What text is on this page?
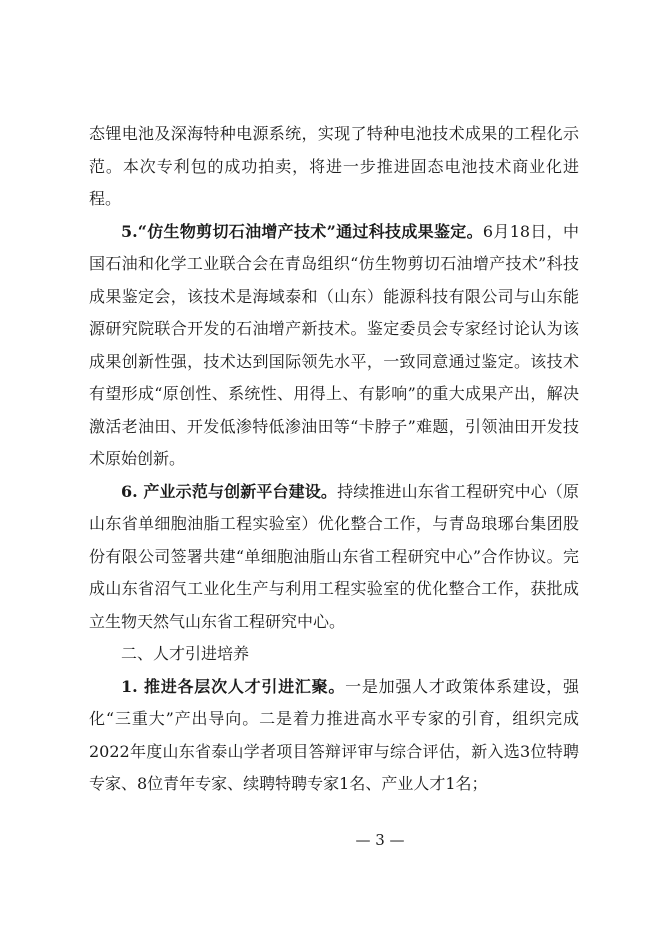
态锂电池及深海特种电源系统，实现了特种电池技术成果的工程化示范。本次专利包的成功拍卖，将进一步推进固态电池技术商业化进程。

5.“仿生物剪切石油增产技术”通过科技成果鉴定。6月18日，中国石油和化学工业联合会在青岛组织“仿生物剪切石油增产技术”科技成果鉴定会，该技术是海域泰和（山东）能源科技有限公司与山东能源研究院联合开发的石油增产新技术。鉴定委员会专家经讨论认为该成果创新性强，技术达到国际领先水平，一致同意通过鉴定。该技术有望形成“原创性、系统性、用得上、有影响”的重大成果产出，解决激活老油田、开发低渗特低渗油田等“卡脖子”难题，引领油田开发技术原始创新。

6. 产业示范与创新平台建设。持续推进山东省工程研究中心（原山东省单细胞油脂工程实验室）优化整合工作，与青岛琅琊台集团股份有限公司签署共建“单细胞油脂山东省工程研究中心”合作协议。完成山东省沼气工业化生产与利用工程实验室的优化整合工作，获批成立生物天然气山东省工程研究中心。

二、人才引进培养

1. 推进各层次人才引进汇聚。一是加强人才政策体系建设，强化“三重大”产出导向。二是着力推进高水平专家的引育，组织完成2022年度山东省泰山学者项目答辩评审与综合评估，新入选3位特聘专家、8位青年专家、续聘特聘专家1名、产业人才1名；

— 3 —
